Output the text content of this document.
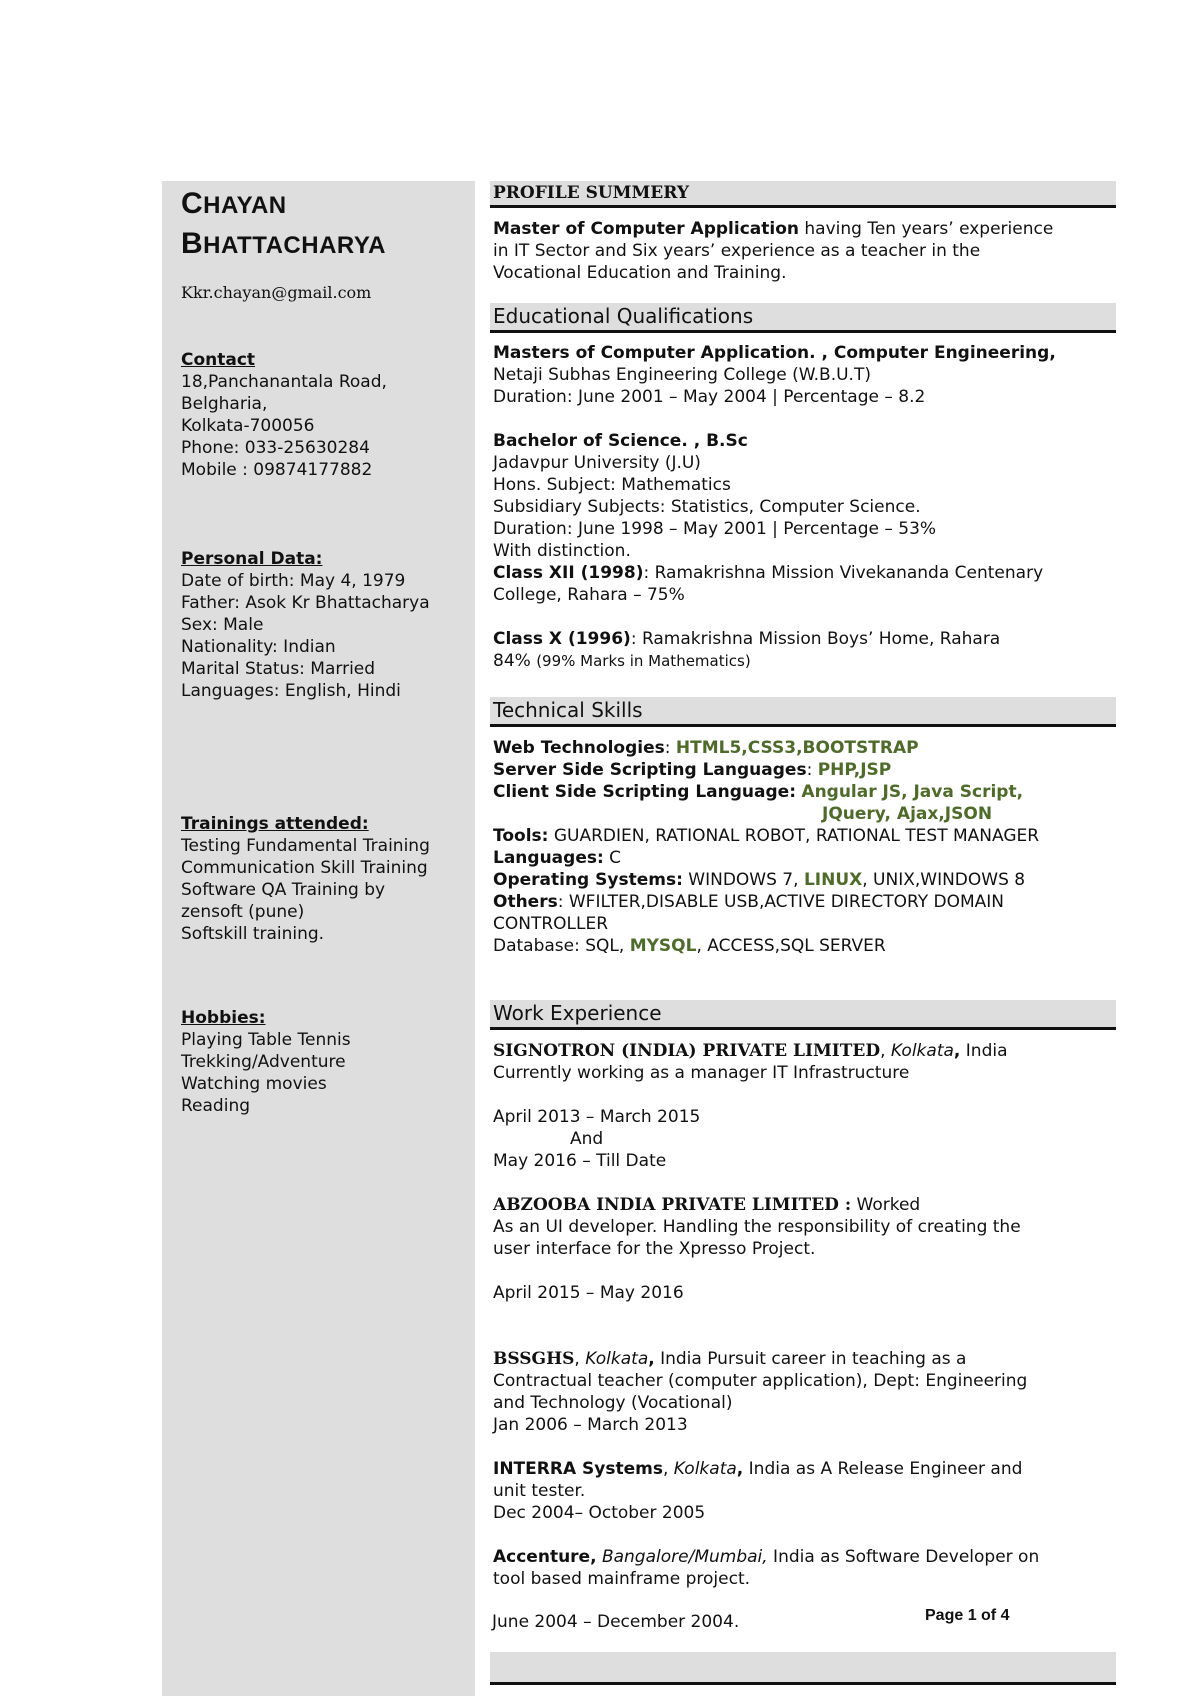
CHAYAN
BHATTACHARYA
Kkr.chayan@gmail.com
Contact
18,Panchanantala Road,
Belgharia,
Kolkata-700056
Phone: 033-25630284
Mobile : 09874177882
Personal Data:
Date of birth: May 4, 1979
Father: Asok Kr Bhattacharya
Sex: Male
Nationality: Indian
Marital Status: Married
Languages: English, Hindi
Trainings attended:
Testing Fundamental Training
Communication Skill Training
Software QA Training by
zensoft (pune)
Softskill training.
Hobbies:
Playing Table Tennis
Trekking/Adventure
Watching movies
Reading
PROFILE SUMMERY
Master of Computer Application having Ten years’ experience
in IT Sector and Six years’ experience as a teacher in the
Vocational Education and Training.
Educational Qualifications
Masters of Computer Application. , Computer Engineering,
Netaji Subhas Engineering College (W.B.U.T)
Duration: June 2001 – May 2004 | Percentage – 8.2

Bachelor of Science. , B.Sc
Jadavpur University (J.U)
Hons. Subject: Mathematics
Subsidiary Subjects: Statistics, Computer Science.
Duration: June 1998 – May 2001 | Percentage – 53%
With distinction.
Class XII (1998): Ramakrishna Mission Vivekananda Centenary
College, Rahara – 75%

Class X (1996): Ramakrishna Mission Boys’ Home, Rahara
84% (99% Marks in Mathematics)
Technical Skills
Web Technologies: HTML5,CSS3,BOOTSTRAP
Server Side Scripting Languages: PHP,JSP
Client Side Scripting Language: Angular JS, Java Script,
JQuery, Ajax,JSON
Tools: GUARDIEN, RATIONAL ROBOT, RATIONAL TEST MANAGER
Languages: C
Operating Systems: WINDOWS 7, LINUX, UNIX,WINDOWS 8
Others: WFILTER,DISABLE USB,ACTIVE DIRECTORY DOMAIN
CONTROLLER
Database: SQL, MYSQL, ACCESS,SQL SERVER
Work Experience
SIGNOTRON (INDIA) PRIVATE LIMITED, Kolkata, India
Currently working as a manager IT Infrastructure

April 2013 – March 2015
And
May 2016 – Till Date

ABZOOBA INDIA PRIVATE LIMITED : Worked
As an UI developer. Handling the responsibility of creating the
user interface for the Xpresso Project.

April 2015 – May 2016

BSSGHS, Kolkata, India Pursuit career in teaching as a
Contractual teacher (computer application), Dept: Engineering
and Technology (Vocational)
Jan 2006 – March 2013

INTERRA Systems, Kolkata, India as A Release Engineer and
unit tester.
Dec 2004– October 2005

Accenture, Bangalore/Mumbai, India as Software Developer on
tool based mainframe project.
June 2004 – December 2004.	Page 1 of 4
